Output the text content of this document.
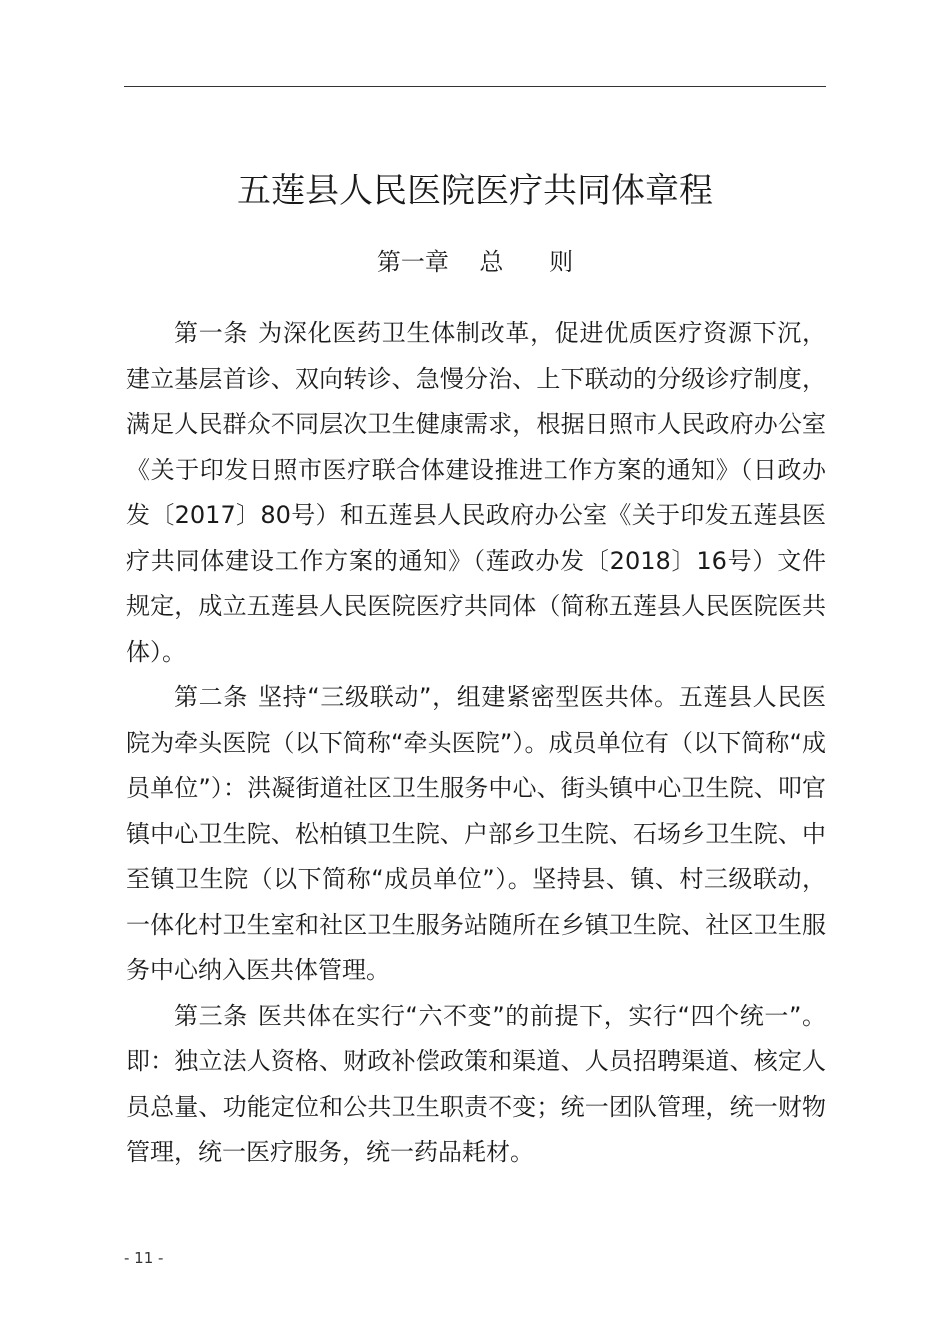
五莲县人民医院医疗共同体章程
第一章    总      则

第一条 为深化医药卫生体制改革，促进优质医疗资源下沉，建立基层首诊、双向转诊、急慢分治、上下联动的分级诊疗制度，满足人民群众不同层次卫生健康需求，根据日照市人民政府办公室《关于印发日照市医疗联合体建设推进工作方案的通知》（日政办发〔2017〕80号）和五莲县人民政府办公室《关于印发五莲县医疗共同体建设工作方案的通知》（莲政办发〔2018〕16号）文件规定，成立五莲县人民医院医疗共同体（简称五莲县人民医院医共体）。

第二条 坚持“三级联动”，组建紧密型医共体。五莲县人民医院为牵头医院（以下简称“牵头医院”）。成员单位有（以下简称“成员单位”）：洪凝街道社区卫生服务中心、街头镇中心卫生院、叩官镇中心卫生院、松柏镇卫生院、户部乡卫生院、石场乡卫生院、中至镇卫生院（以下简称“成员单位”）。坚持县、镇、村三级联动，一体化村卫生室和社区卫生服务站随所在乡镇卫生院、社区卫生服务中心纳入医共体管理。

第三条 医共体在实行“六不变”的前提下，实行“四个统一”。即：独立法人资格、财政补偿政策和渠道、人员招聘渠道、核定人员总量、功能定位和公共卫生职责不变；统一团队管理，统一财物管理，统一医疗服务，统一药品耗材。

- 11 -
